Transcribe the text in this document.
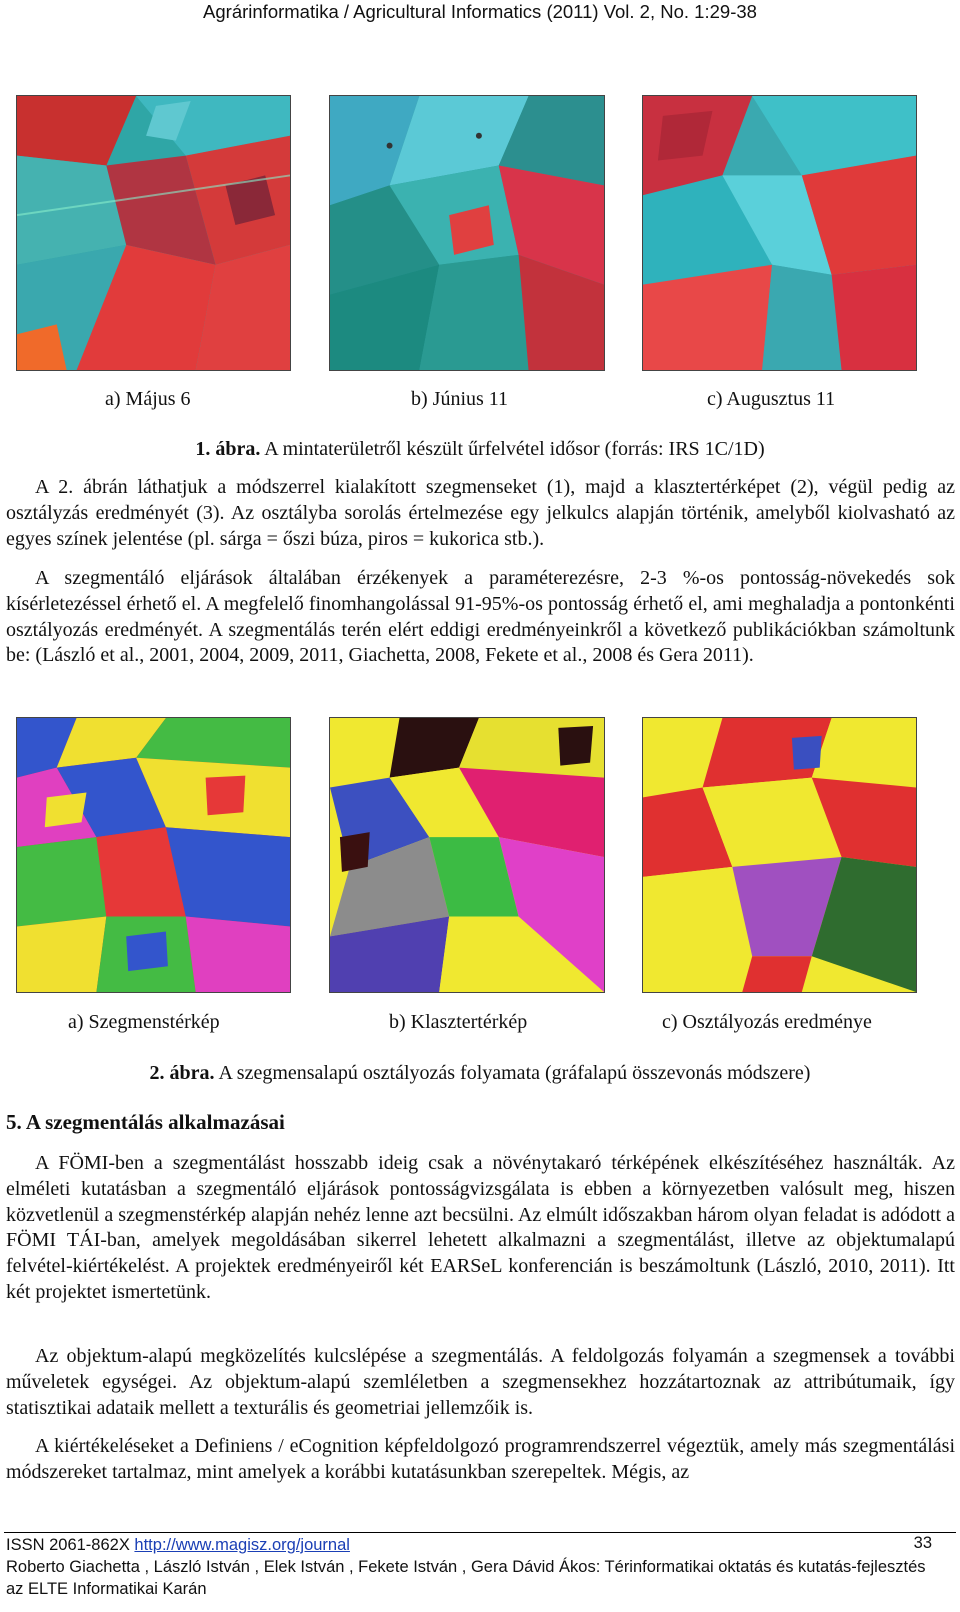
Agrárinformatika / Agricultural Informatics (2011) Vol. 2, No. 1:29-38
a) Május 6	b) Június 11	c) Augusztus 11
1. ábra. A mintaterületről készült űrfelvétel idősor (forrás: IRS 1C/1D)

A 2. ábrán láthatjuk a módszerrel kialakított szegmenseket (1), majd a klasztertérképet (2), végül pedig az osztályzás eredményét (3). Az osztályba sorolás értelmezése egy jelkulcs alapján történik, amelyből kiolvasható az egyes színek jelentése (pl. sárga = őszi búza, piros = kukorica stb.).

A szegmentáló eljárások általában érzékenyek a paraméterezésre, 2-3 %-os pontosság-növekedés sok kísérletezéssel érhető el. A megfelelő finomhangolással 91-95%-os pontosság érhető el, ami meghaladja a pontonkénti osztályozás eredményét. A szegmentálás terén elért eddigi eredményeinkről a következő publikációkban számoltunk be: (László et al., 2001, 2004, 2009, 2011, Giachetta, 2008, Fekete et al., 2008 és Gera 2011).

a) Szegmenstérkép	b) Klasztertérkép	c) Osztályozás eredménye
2. ábra. A szegmensalapú osztályozás folyamata (gráfalapú összevonás módszere)
5. A szegmentálás alkalmazásai

A FÖMI-ben a szegmentálást hosszabb ideig csak a növénytakaró térképének elkészítéséhez használták. Az elméleti kutatásban a szegmentáló eljárások pontosságvizsgálata is ebben a környezetben valósult meg, hiszen közvetlenül a szegmenstérkép alapján nehéz lenne azt becsülni. Az elmúlt időszakban három olyan feladat is adódott a FÖMI TÁI-ban, amelyek megoldásában sikerrel lehetett alkalmazni a szegmentálást, illetve az objektumalapú felvétel-kiértékelést. A projektek eredményeiről két EARSeL konferencián is beszámoltunk (László, 2010, 2011). Itt két projektet ismertetünk.

Az objektum-alapú megközelítés kulcslépése a szegmentálás. A feldolgozás folyamán a szegmensek a további műveletek egységei. Az objektum-alapú szemléletben a szegmensekhez hozzátartoznak az attribútumaik, így statisztikai adataik mellett a texturális és geometriai jellemzőik is.

A kiértékeléseket a Definiens / eCognition képfeldolgozó programrendszerrel végeztük, amely más szegmentálási módszereket tartalmaz, mint amelyek a korábbi kutatásunkban szerepeltek. Mégis, az

ISSN 2061-862X http://www.magisz.org/journal	33
Roberto Giachetta , László István , Elek István , Fekete István , Gera Dávid Ákos: Térinformatikai oktatás és kutatás-fejlesztés
az ELTE Informatikai Karán
